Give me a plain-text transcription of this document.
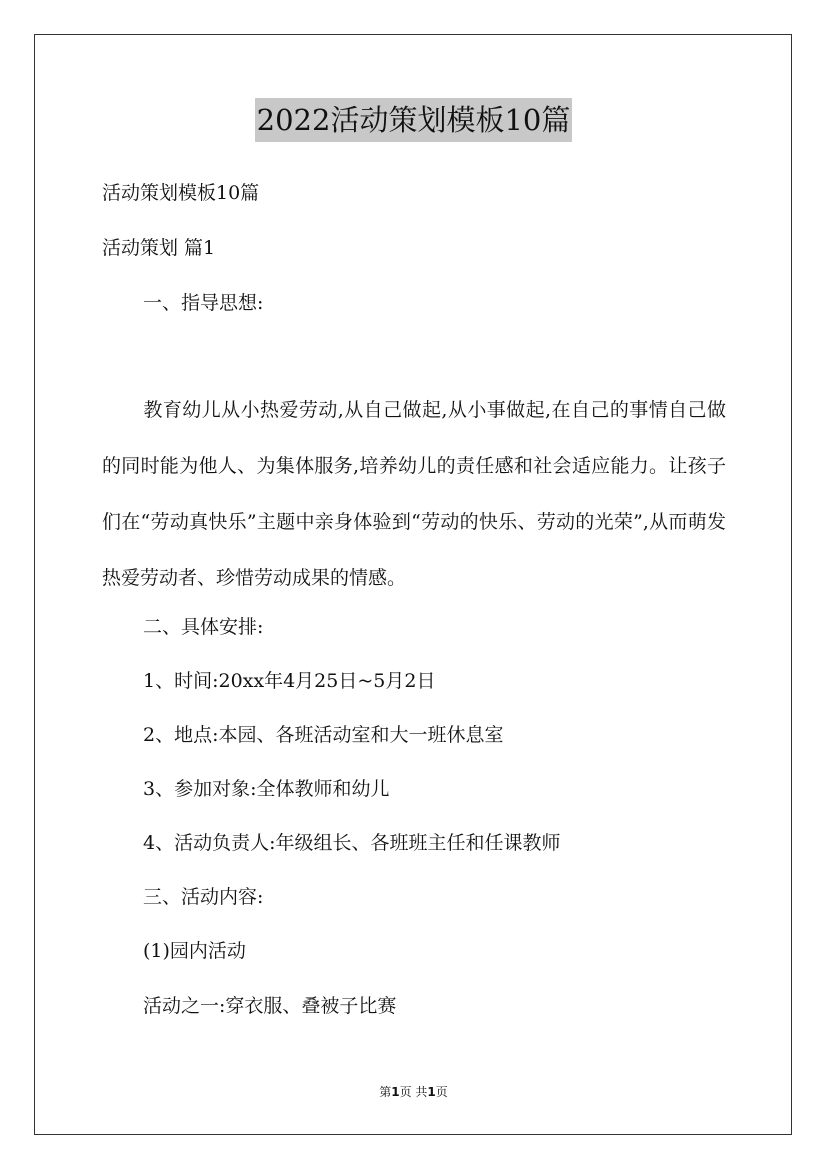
2022活动策划模板10篇
活动策划模板10篇
活动策划 篇1
一、指导思想:
教育幼儿从小热爱劳动,从自己做起,从小事做起,在自己的事情自己做的同时能为他人、为集体服务,培养幼儿的责任感和社会适应能力。让孩子们在“劳动真快乐”主题中亲身体验到“劳动的快乐、劳动的光荣”,从而萌发热爱劳动者、珍惜劳动成果的情感。
二、具体安排:
1、时间:20xx年4月25日~5月2日
2、地点:本园、各班活动室和大一班休息室
3、参加对象:全体教师和幼儿
4、活动负责人:年级组长、各班班主任和任课教师
三、活动内容:
(1)园内活动
活动之一:穿衣服、叠被子比赛
第1页 共1页
